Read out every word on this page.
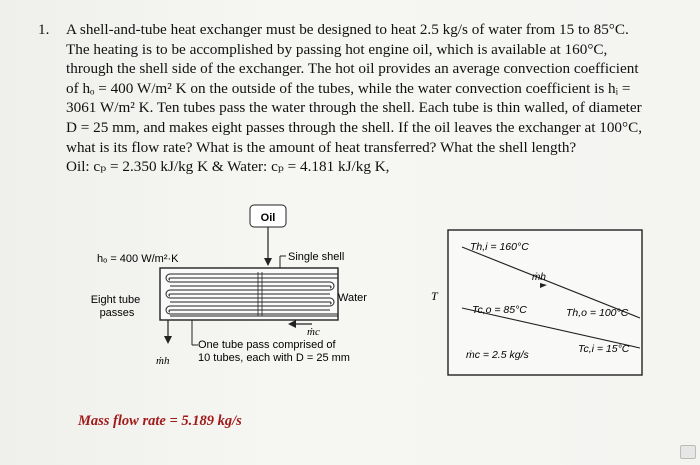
1. A shell-and-tube heat exchanger must be designed to heat 2.5 kg/s of water from 15 to 85°C.
The heating is to be accomplished by passing hot engine oil, which is available at 160°C,
through the shell side of the exchanger. The hot oil provides an average convection coefficient
of hₒ = 400 W/m² K on the outside of the tubes, while the water convection coefficient is hᵢ =
3061 W/m² K. Ten tubes pass the water through the shell. Each tube is thin walled, of diameter
D = 25 mm, and makes eight passes through the shell. If the oil leaves the exchanger at 100°C,
what is its flow rate? What is the amount of heat transferred? What the shell length?
Oil: cₚ = 2.350 kJ/kg K & Water: cₚ = 4.181 kJ/kg K,
Oil
hₒ = 400 W/m²·K	Single shell
Water
Eight tube passes
ṁc
ṁh
One tube pass comprised of 10 tubes, each with D = 25 mm
T
Th,i = 160°C
ṁh
Tc,o = 85°C	Th,o = 100°C
ṁc = 2.5 kg/s	Tc,i = 15°C
Mass flow rate = 5.189 kg/s
